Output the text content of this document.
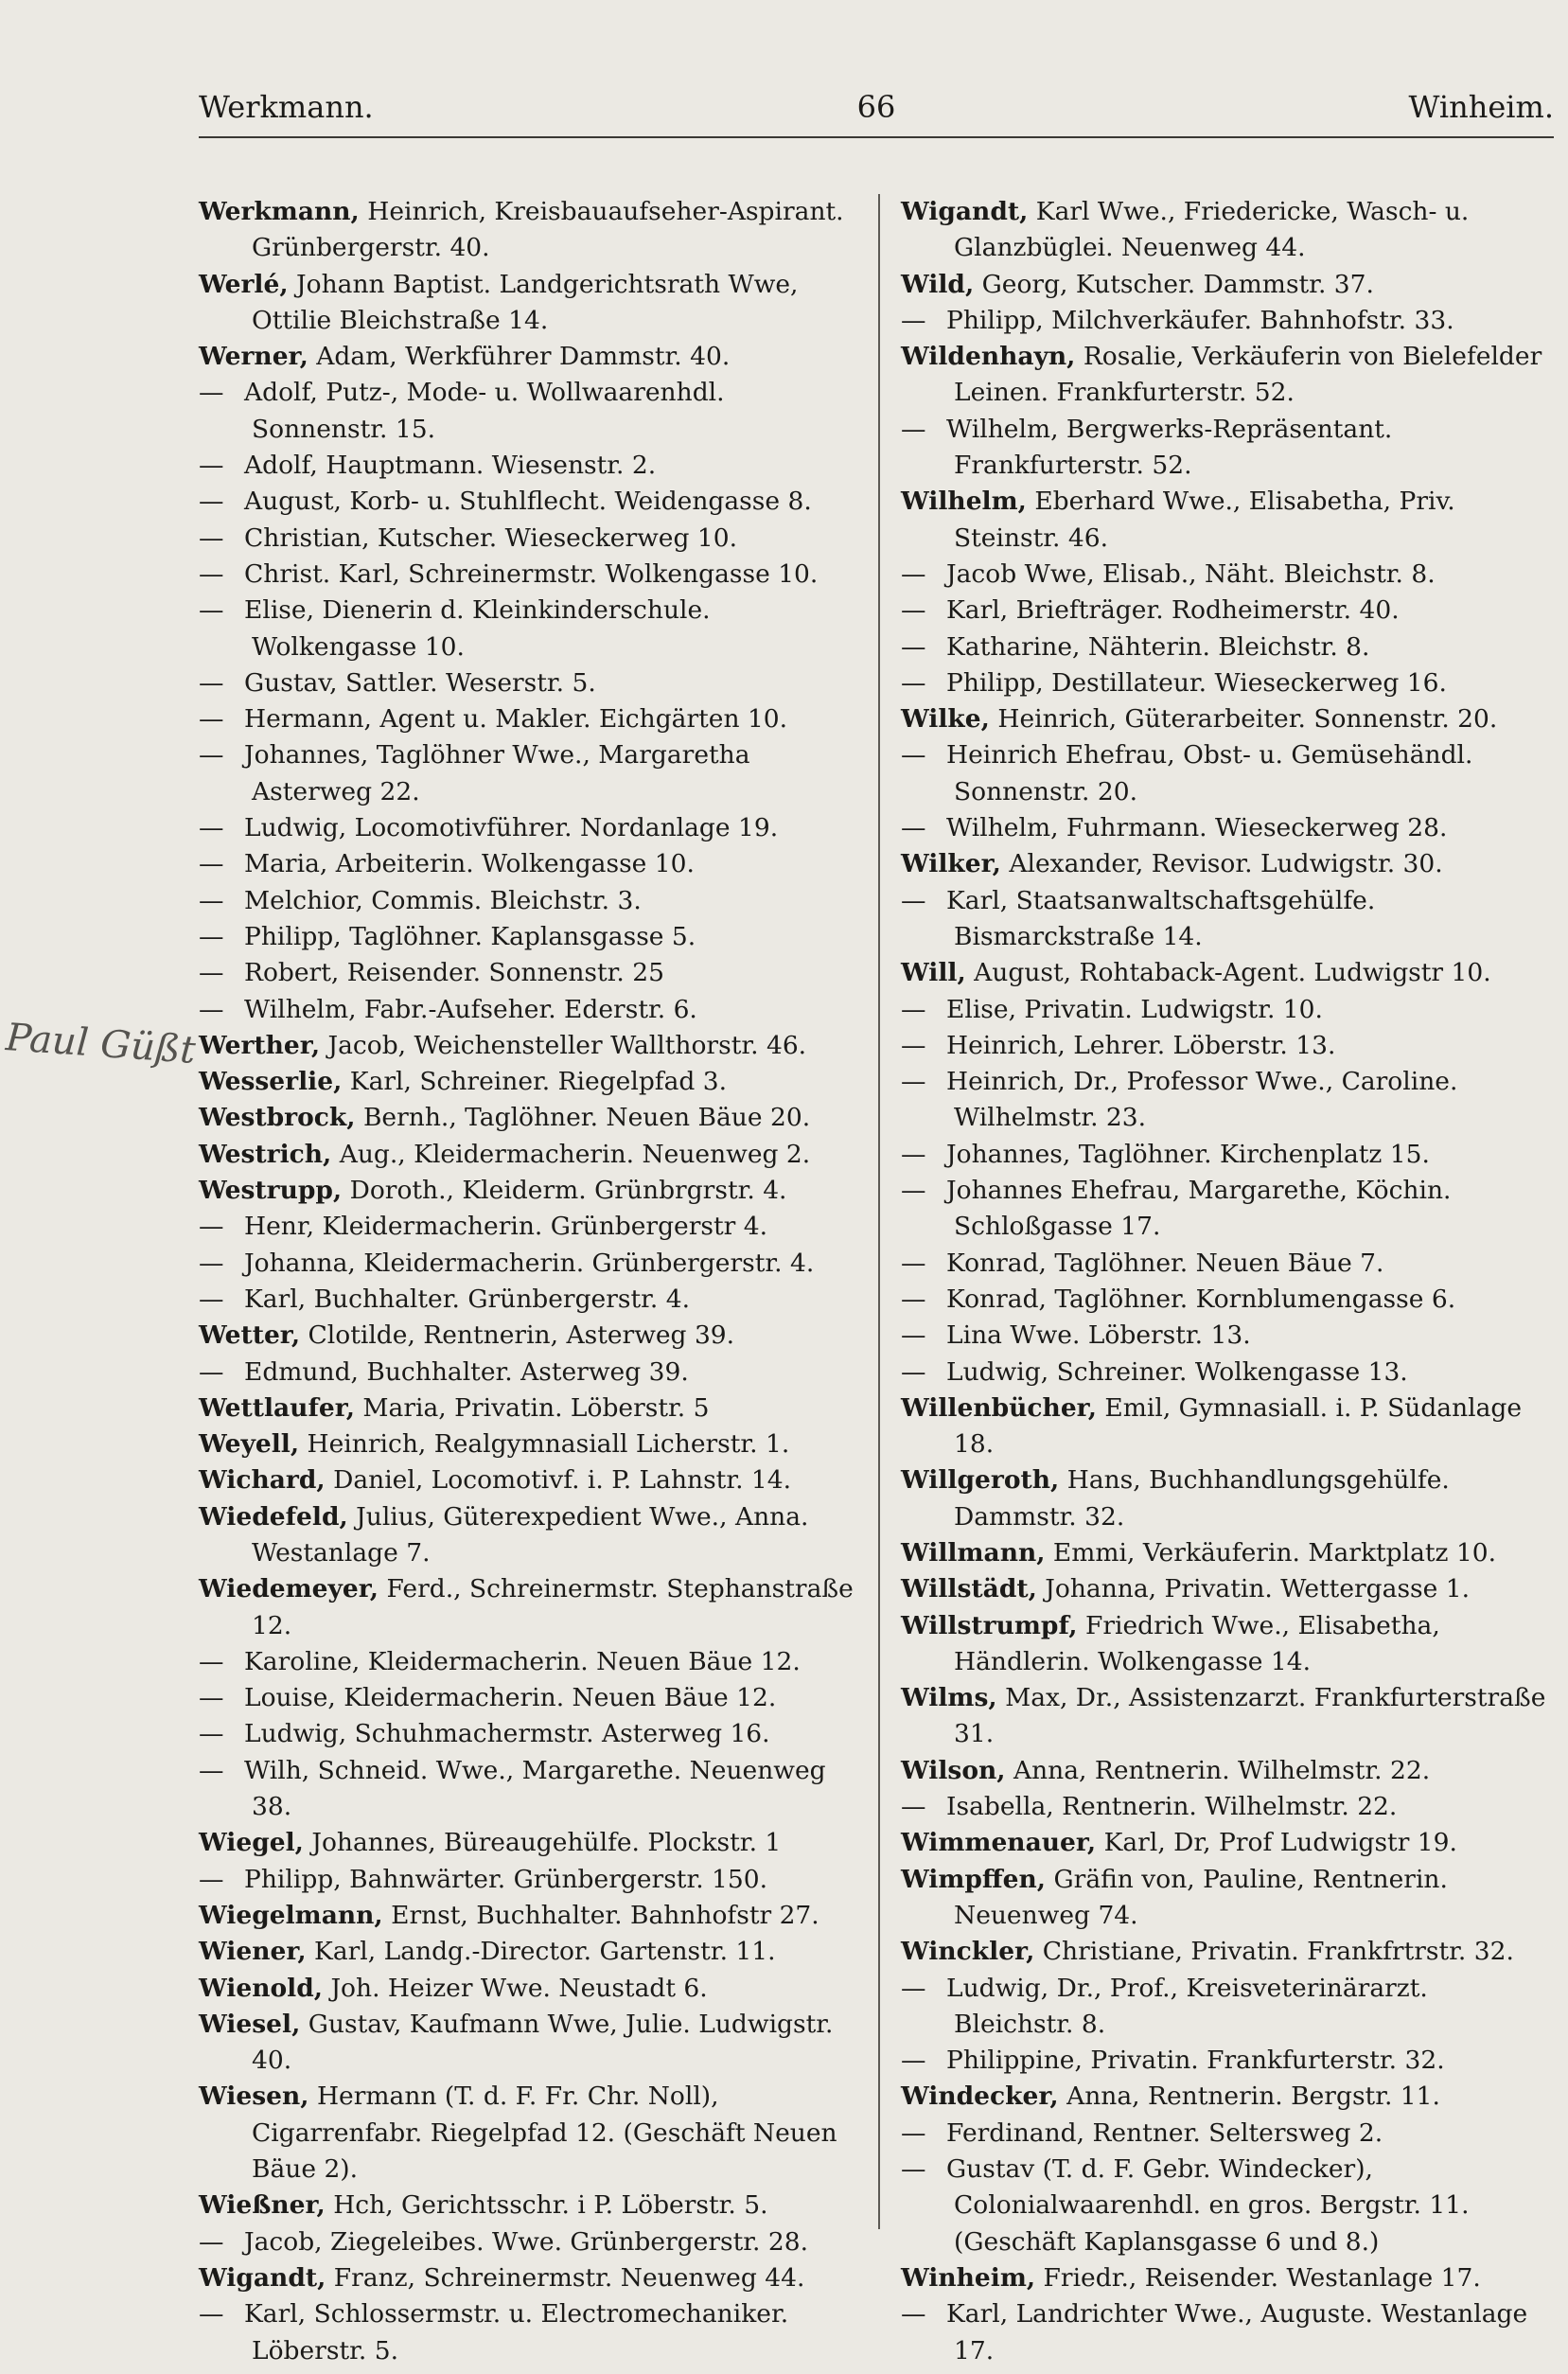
Werkmann.	66	Winheim.
Paul Güßt
Werkmann, Heinrich, Kreisbauaufseher-Aspirant. Grünbergerstr. 40.
Werlé, Johann Baptist. Landgerichtsrath Wwe, Ottilie Bleichstraße 14.
Werner, Adam, Werkführer Dammstr. 40.
— Adolf, Putz-, Mode- u. Wollwaarenhdl. Sonnenstr. 15.
— Adolf, Hauptmann. Wiesenstr. 2.
— August, Korb- u. Stuhlflecht. Weidengasse 8.
— Christian, Kutscher. Wieseckerweg 10.
— Christ. Karl, Schreinermstr. Wolkengasse 10.
— Elise, Dienerin d. Kleinkinderschule. Wolkengasse 10.
— Gustav, Sattler. Weserstr. 5.
— Hermann, Agent u. Makler. Eichgärten 10.
— Johannes, Taglöhner Wwe., Margaretha Asterweg 22.
— Ludwig, Locomotivführer. Nordanlage 19.
— Maria, Arbeiterin. Wolkengasse 10.
— Melchior, Commis. Bleichstr. 3.
— Philipp, Taglöhner. Kaplansgasse 5.
— Robert, Reisender. Sonnenstr. 25
— Wilhelm, Fabr.-Aufseher. Ederstr. 6.
Werther, Jacob, Weichensteller Wallthorstr. 46.
Wesserlie, Karl, Schreiner. Riegelpfad 3.
Westbrock, Bernh., Taglöhner. Neuen Bäue 20.
Westrich, Aug., Kleidermacherin. Neuenweg 2.
Westrupp, Doroth., Kleiderm. Grünbrgrstr. 4.
— Henr, Kleidermacherin. Grünbergerstr 4.
— Johanna, Kleidermacherin. Grünbergerstr. 4.
— Karl, Buchhalter. Grünbergerstr. 4.
Wetter, Clotilde, Rentnerin, Asterweg 39.
— Edmund, Buchhalter. Asterweg 39.
Wettlaufer, Maria, Privatin. Löberstr. 5
Weyell, Heinrich, Realgymnasiall Licherstr. 1.
Wichard, Daniel, Locomotivf. i. P. Lahnstr. 14.
Wiedefeld, Julius, Güterexpedient Wwe., Anna. Westanlage 7.
Wiedemeyer, Ferd., Schreinermstr. Stephanstraße 12.
— Karoline, Kleidermacherin. Neuen Bäue 12.
— Louise, Kleidermacherin. Neuen Bäue 12.
— Ludwig, Schuhmachermstr. Asterweg 16.
— Wilh, Schneid. Wwe., Margarethe. Neuenweg 38.
Wiegel, Johannes, Büreaugehülfe. Plockstr. 1
— Philipp, Bahnwärter. Grünbergerstr. 150.
Wiegelmann, Ernst, Buchhalter. Bahnhofstr 27.
Wiener, Karl, Landg.-Director. Gartenstr. 11.
Wienold, Joh. Heizer Wwe. Neustadt 6.
Wiesel, Gustav, Kaufmann Wwe, Julie. Ludwigstr. 40.
Wiesen, Hermann (T. d. F. Fr. Chr. Noll), Cigarrenfabr. Riegelpfad 12. (Geschäft Neuen Bäue 2).
Wießner, Hch, Gerichtsschr. i P. Löberstr. 5.
— Jacob, Ziegeleibes. Wwe. Grünbergerstr. 28.
Wigandt, Franz, Schreinermstr. Neuenweg 44.
— Karl, Schlossermstr. u. Electromechaniker. Löberstr. 5.
Wigandt, Karl Wwe., Friedericke, Wasch- u. Glanzbüglei. Neuenweg 44.
Wild, Georg, Kutscher. Dammstr. 37.
— Philipp, Milchverkäufer. Bahnhofstr. 33.
Wildenhayn, Rosalie, Verkäuferin von Bielefelder Leinen. Frankfurterstr. 52.
— Wilhelm, Bergwerks-Repräsentant. Frankfurterstr. 52.
Wilhelm, Eberhard Wwe., Elisabetha, Priv. Steinstr. 46.
— Jacob Wwe, Elisab., Näht. Bleichstr. 8.
— Karl, Briefträger. Rodheimerstr. 40.
— Katharine, Nähterin. Bleichstr. 8.
— Philipp, Destillateur. Wieseckerweg 16.
Wilke, Heinrich, Güterarbeiter. Sonnenstr. 20.
— Heinrich Ehefrau, Obst- u. Gemüsehändl. Sonnenstr. 20.
— Wilhelm, Fuhrmann. Wieseckerweg 28.
Wilker, Alexander, Revisor. Ludwigstr. 30.
— Karl, Staatsanwaltschaftsgehülfe. Bismarckstraße 14.
Will, August, Rohtaback-Agent. Ludwigstr 10.
— Elise, Privatin. Ludwigstr. 10.
— Heinrich, Lehrer. Löberstr. 13.
— Heinrich, Dr., Professor Wwe., Caroline. Wilhelmstr. 23.
— Johannes, Taglöhner. Kirchenplatz 15.
— Johannes Ehefrau, Margarethe, Köchin. Schloßgasse 17.
— Konrad, Taglöhner. Neuen Bäue 7.
— Konrad, Taglöhner. Kornblumengasse 6.
— Lina Wwe. Löberstr. 13.
— Ludwig, Schreiner. Wolkengasse 13.
Willenbücher, Emil, Gymnasiall. i. P. Südanlage 18.
Willgeroth, Hans, Buchhandlungsgehülfe. Dammstr. 32.
Willmann, Emmi, Verkäuferin. Marktplatz 10.
Willstädt, Johanna, Privatin. Wettergasse 1.
Willstrumpf, Friedrich Wwe., Elisabetha, Händlerin. Wolkengasse 14.
Wilms, Max, Dr., Assistenzarzt. Frankfurterstraße 31.
Wilson, Anna, Rentnerin. Wilhelmstr. 22.
— Isabella, Rentnerin. Wilhelmstr. 22.
Wimmenauer, Karl, Dr, Prof Ludwigstr 19.
Wimpffen, Gräfin von, Pauline, Rentnerin. Neuenweg 74.
Winckler, Christiane, Privatin. Frankfrtrstr. 32.
— Ludwig, Dr., Prof., Kreisveterinärarzt. Bleichstr. 8.
— Philippine, Privatin. Frankfurterstr. 32.
Windecker, Anna, Rentnerin. Bergstr. 11.
— Ferdinand, Rentner. Seltersweg 2.
— Gustav (T. d. F. Gebr. Windecker), Colonialwaarenhdl. en gros. Bergstr. 11. (Geschäft Kaplansgasse 6 und 8.)
Winheim, Friedr., Reisender. Westanlage 17.
— Karl, Landrichter Wwe., Auguste. Westanlage 17.
